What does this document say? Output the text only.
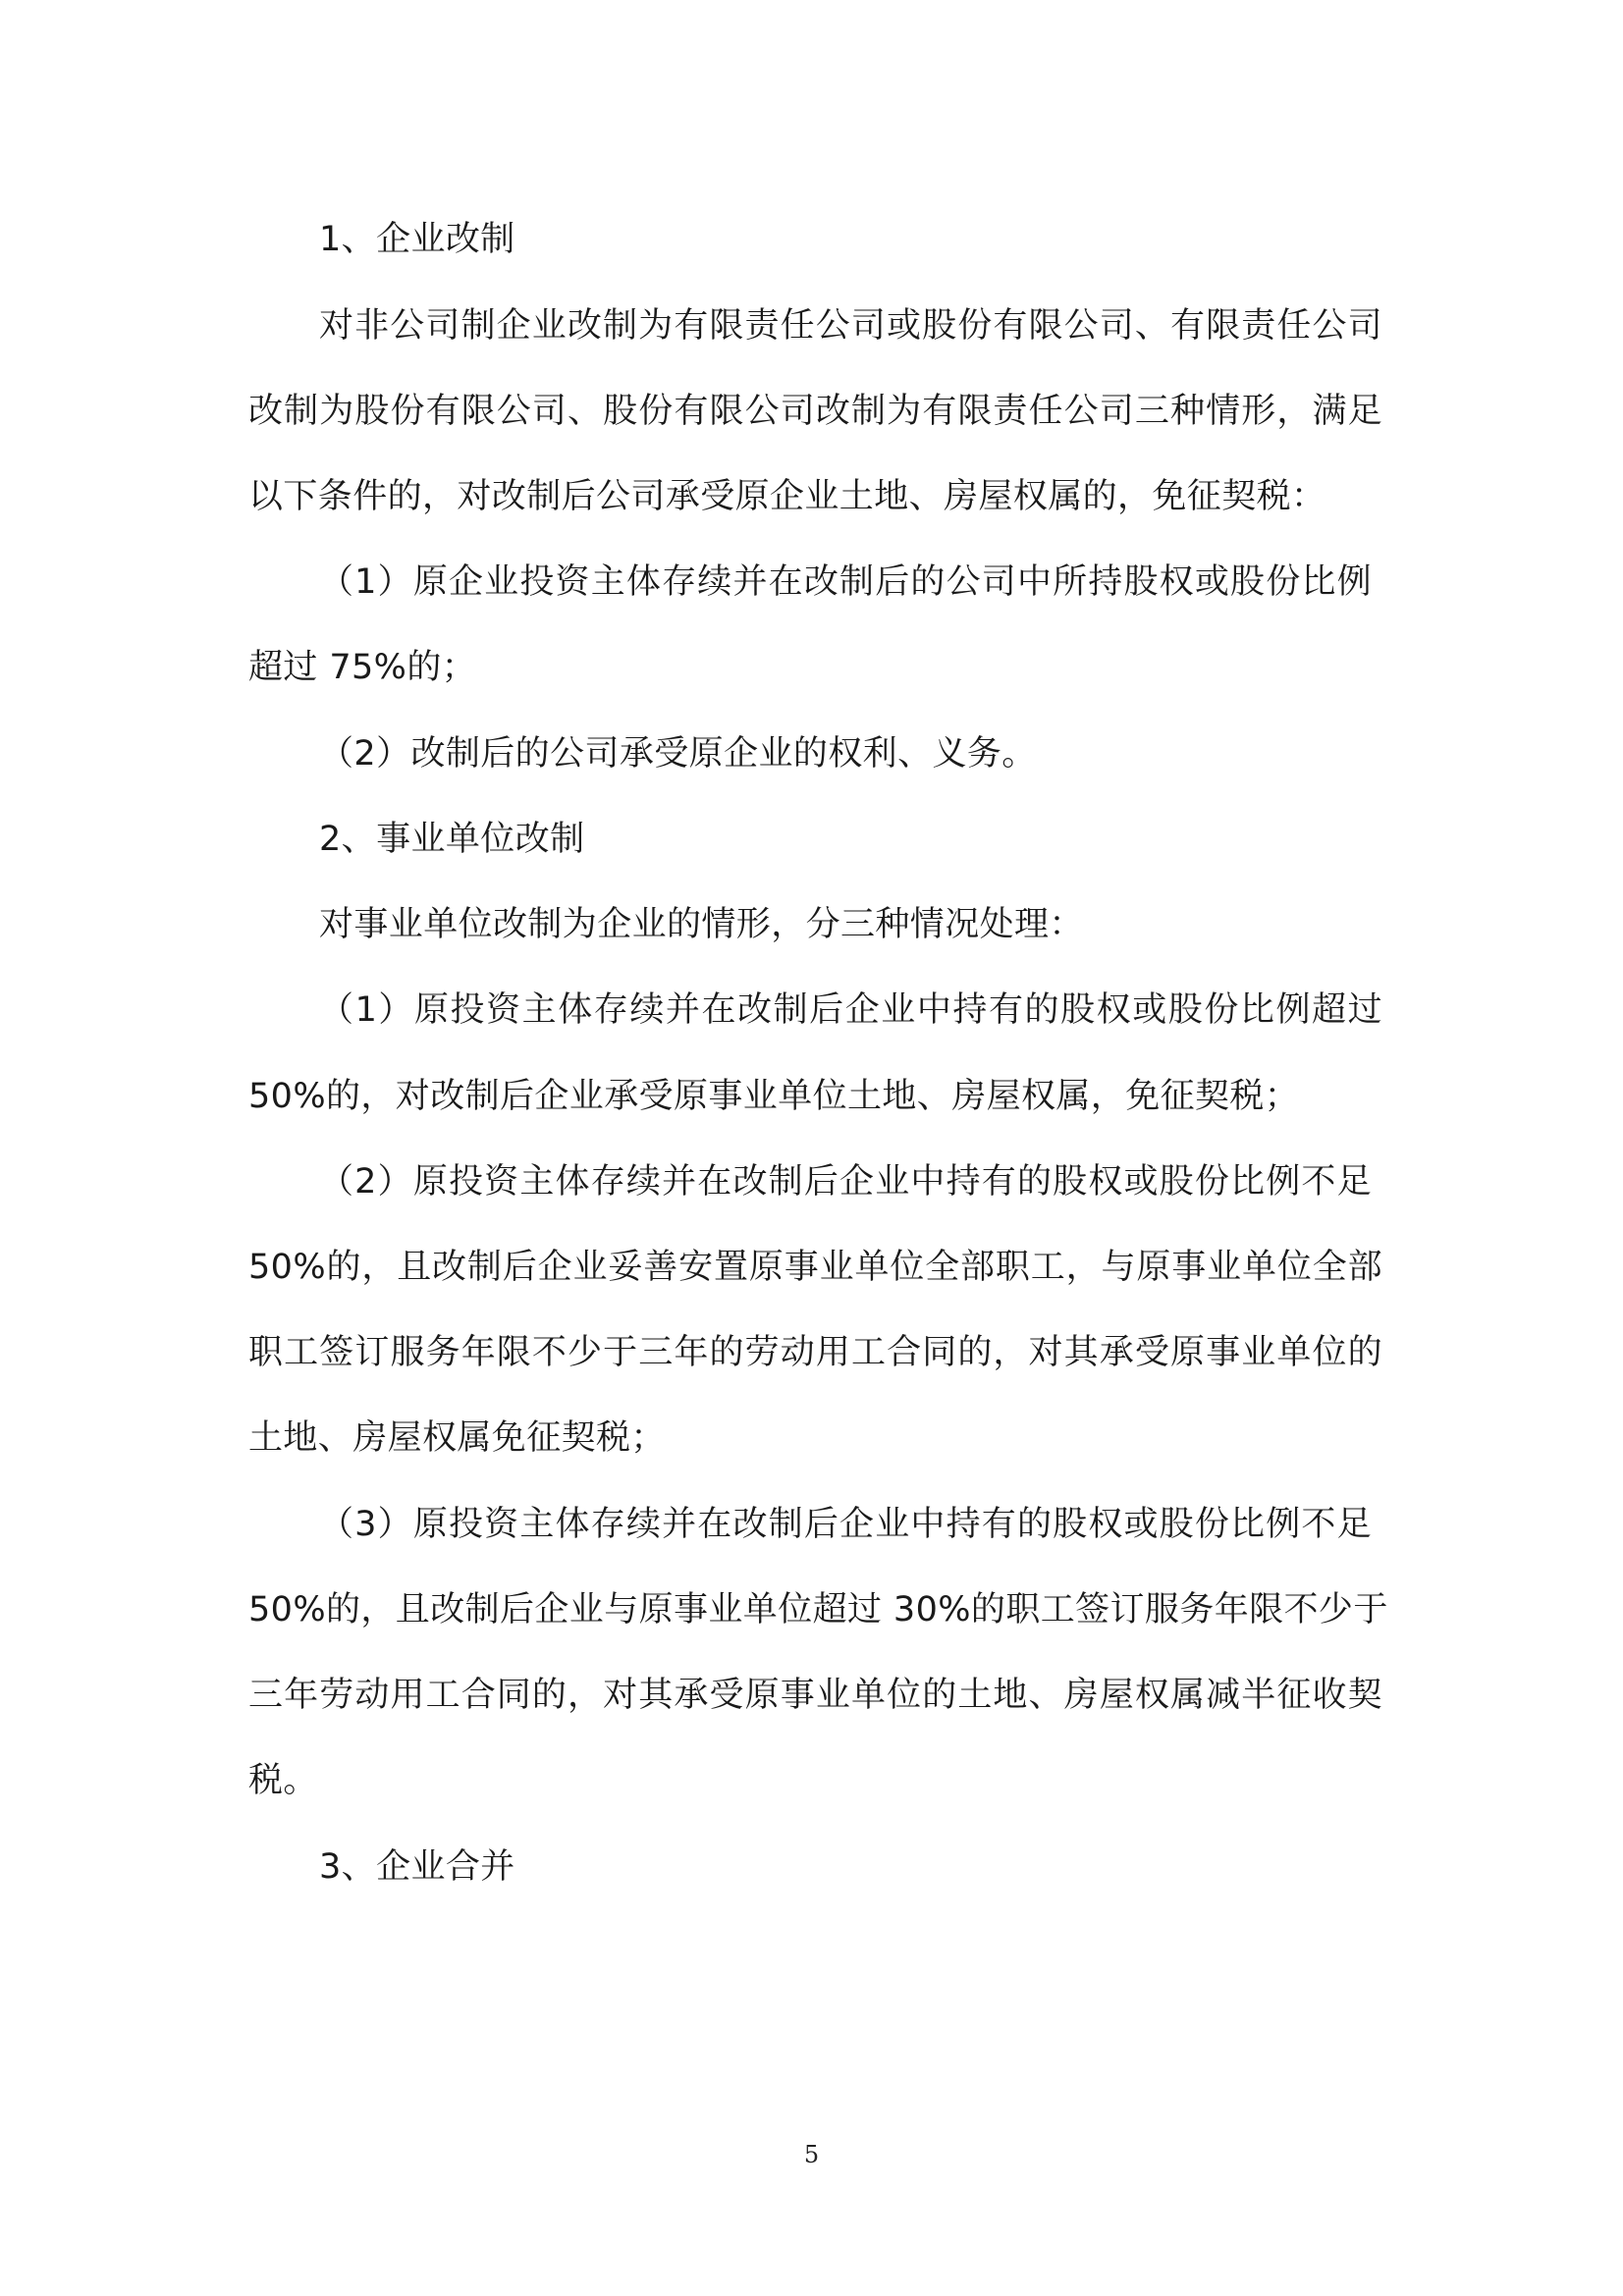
1、企业改制
对非公司制企业改制为有限责任公司或股份有限公司、有限责任公司
改制为股份有限公司、股份有限公司改制为有限责任公司三种情形，满足
以下条件的，对改制后公司承受原企业土地、房屋权属的，免征契税：
（1）原企业投资主体存续并在改制后的公司中所持股权或股份比例
超过 75%的；
（2）改制后的公司承受原企业的权利、义务。
2、事业单位改制
对事业单位改制为企业的情形，分三种情况处理：
（1）原投资主体存续并在改制后企业中持有的股权或股份比例超过
50%的，对改制后企业承受原事业单位土地、房屋权属，免征契税；
（2）原投资主体存续并在改制后企业中持有的股权或股份比例不足
50%的，且改制后企业妥善安置原事业单位全部职工，与原事业单位全部
职工签订服务年限不少于三年的劳动用工合同的，对其承受原事业单位的
土地、房屋权属免征契税；
（3）原投资主体存续并在改制后企业中持有的股权或股份比例不足
50%的，且改制后企业与原事业单位超过 30%的职工签订服务年限不少于
三年劳动用工合同的，对其承受原事业单位的土地、房屋权属减半征收契
税。
3、企业合并
5
